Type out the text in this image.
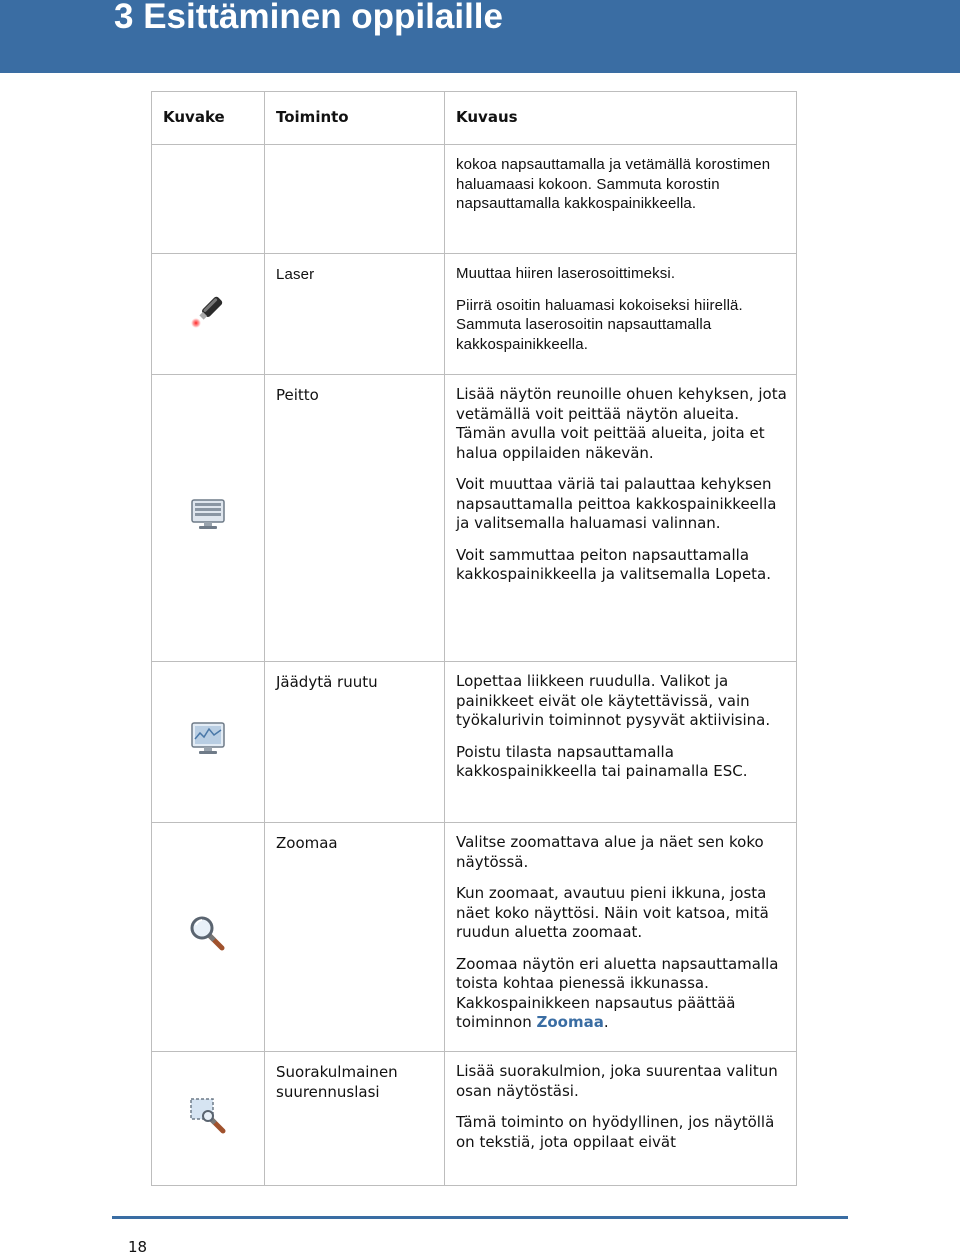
3 Esittäminen oppilaille
Kuvake	Toiminto	Kuvaus

		kokoa napsauttamalla ja vetämällä korostimen haluamaasi kokoon. Sammuta korostin napsauttamalla kakkospainikkeella.

	Laser	Muuttaa hiiren laserosoittimeksi.

Piirrä osoitin haluamasi kokoiseksi hiirellä. Sammuta laserosoitin napsauttamalla kakkospainikkeella.

	Peitto	Lisää näytön reunoille ohuen kehyksen, jota vetämällä voit peittää näytön alueita. Tämän avulla voit peittää alueita, joita et halua oppilaiden näkevän.

Voit muuttaa väriä tai palauttaa kehyksen napsauttamalla peittoa kakkospainikkeella ja valitsemalla haluamasi valinnan.

Voit sammuttaa peiton napsauttamalla kakkospainikkeella ja valitsemalla Lopeta.

	Jäädytä ruutu	Lopettaa liikkeen ruudulla. Valikot ja painikkeet eivät ole käytettävissä, vain työkalurivin toiminnot pysyvät aktiivisina.

Poistu tilasta napsauttamalla kakkospainikkeella tai painamalla ESC.

	Zoomaa	Valitse zoomattava alue ja näet sen koko näytössä.

Kun zoomaat, avautuu pieni ikkuna, josta näet koko näyttösi. Näin voit katsoa, mitä ruudun aluetta zoomaat.

Zoomaa näytön eri aluetta napsauttamalla toista kohtaa pienessä ikkunassa. Kakkospainikkeen napsautus päättää toiminnon Zoomaa.

	Suorakulmainen suurennuslasi	Lisää suorakulmion, joka suurentaa valitun osan näytöstäsi.

Tämä toiminto on hyödyllinen, jos näytöllä on tekstiä, jota oppilaat eivät

18
